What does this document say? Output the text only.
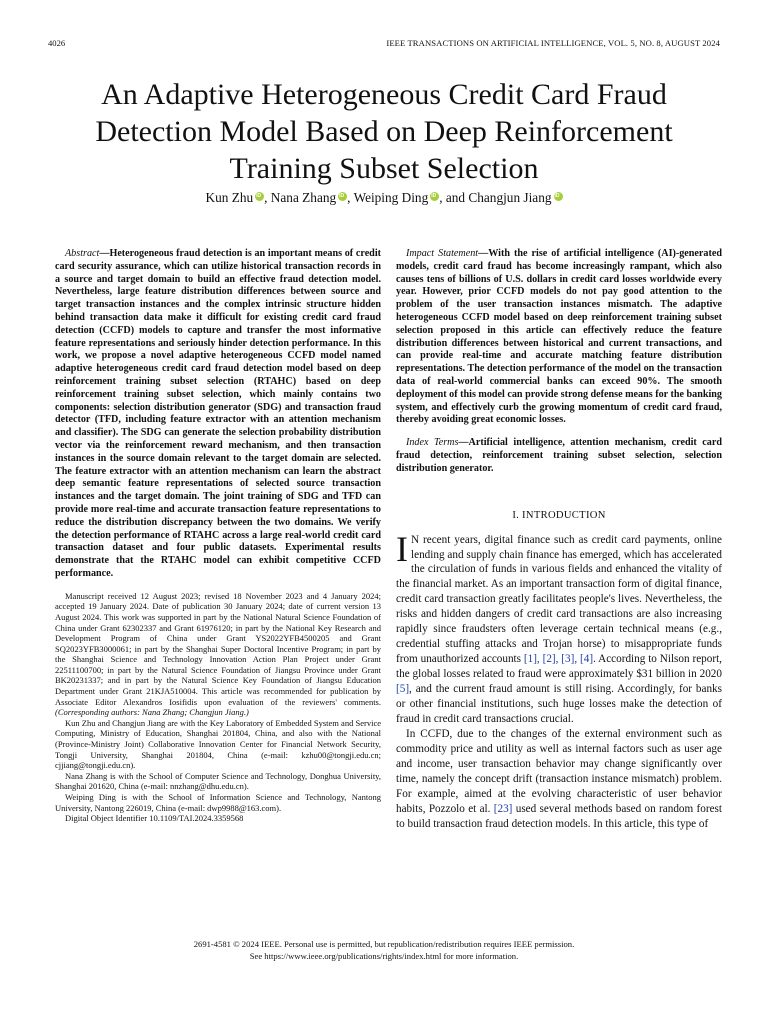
4026	IEEE TRANSACTIONS ON ARTIFICIAL INTELLIGENCE, VOL. 5, NO. 8, AUGUST 2024
An Adaptive Heterogeneous Credit Card Fraud
Detection Model Based on Deep Reinforcement
Training Subset Selection
Kun Zhu iD , Nana Zhang iD , Weiping Ding iD , and Changjun JiangiD

Abstract—Heterogeneous fraud detection is an important means of credit card security assurance, which can utilize historical transaction records in a source and target domain to build an effective fraud detection model. Nevertheless, large feature distribution differences between source and target transaction instances and the complex intrinsic structure hidden behind transaction data make it difficult for existing credit card fraud detection (CCFD) models to capture and transfer the most informative feature representations and seriously hinder detection performance. In this work, we propose a novel adaptive heterogeneous CCFD model named adaptive heterogeneous credit card fraud detection model based on deep reinforcement training subset selection (RTAHC) based on deep reinforcement training subset selection, which mainly contains two components: selection distribution generator (SDG) and transaction fraud detector (TFD, including feature extractor with an attention mechanism and classifier). The SDG can generate the selection probability distribution vector via the reinforcement reward mechanism, and then transaction instances in the source domain relevant to the target domain are selected. The feature extractor with an attention mechanism can learn the abstract deep semantic feature representations of selected source transaction instances and the target domain. The joint training of SDG and TFD can provide more real-time and accurate transaction feature representations to reduce the distribution discrepancy between the two domains. We verify the detection performance of RTAHC across a large real-world credit card transaction dataset and four public datasets. Experimental results demonstrate that the RTAHC model can exhibit competitive CCFD performance.

Manuscript received 12 August 2023; revised 18 November 2023 and 4 January 2024; accepted 19 January 2024. Date of publication 30 January 2024; date of current version 13 August 2024. This work was supported in part by the National Natural Science Foundation of China under Grant 62302337 and Grant 61976120; in part by the National Key Research and Development Program of China under Grant YS2022YFB4500205 and Grant SQ2023YFB3000061; in part by the Shanghai Super Doctoral Incentive Program; in part by the Shanghai Science and Technology Innovation Action Plan Project under Grant 22511100700; in part by the Natural Science Foundation of Jiangsu Province under Grant BK20231337; and in part by the Natural Science Key Foundation of Jiangsu Education Department under Grant 21KJA510004. This article was recommended for publication by Associate Editor Alexandros Iosifidis upon evaluation of the reviewers' comments. (Corresponding authors: Nana Zhang; Changjun Jiang.)

Kun Zhu and Changjun Jiang are with the Key Laboratory of Embedded System and Service Computing, Ministry of Education, Shanghai 201804, China, and also with the National (Province-Ministry Joint) Collaborative Innovation Center for Financial Network Security, Tongji University, Shanghai 201804, China (e-mail: kzhu00@tongji.edu.cn; cjjiang@tongji.edu.cn).

Nana Zhang is with the School of Computer Science and Technology, Donghua University, Shanghai 201620, China (e-mail: nnzhang@dhu.edu.cn).

Weiping Ding is with the School of Information Science and Technology, Nantong University, Nantong 226019, China (e-mail: dwp9988@163.com).

Digital Object Identifier 10.1109/TAI.2024.3359568

Impact Statement—With the rise of artificial intelligence (AI)-generated models, credit card fraud has become increasingly rampant, which also causes tens of billions of U.S. dollars in credit card losses worldwide every year. However, prior CCFD models do not pay good attention to the problem of the user transaction instances mismatch. The adaptive heterogeneous CCFD model based on deep reinforcement training subset selection proposed in this article can effectively reduce the feature distribution differences between historical and current transactions, and can provide real-time and accurate matching feature distribution representations. The detection performance of the model on the transaction data of real-world commercial banks can exceed 90%. The smooth deployment of this model can provide strong defense means for the banking system, and effectively curb the growing momentum of credit card fraud, thereby avoiding great economic losses.

Index Terms—Artificial intelligence, attention mechanism, credit card fraud detection, reinforcement training subset selection, selection distribution generator.

I. INTRODUCTION

I N recent years, digital finance such as credit card payments, online lending and supply chain finance has emerged, which has accelerated the circulation of funds in various fields and enhanced the vitality of the financial market. As an important transaction form of digital finance, credit card transaction greatly facilitates people's lives. Nevertheless, the risks and hidden dangers of credit card transactions are also increasing rapidly since fraudsters often leverage certain technical means (e.g., credential stuffing attacks and Trojan horse) to misappropriate funds from unauthorized accounts [1], [2], [3], [4]. According to Nilson report, the global losses related to fraud were approximately $31 billion in 2020 [5], and the current fraud amount is still rising. Accordingly, for banks or other financial institutions, such huge losses make the detection of fraud in credit card transactions crucial.

In CCFD, due to the changes of the external environment such as commodity price and utility as well as internal factors such as user age and income, user transaction behavior may change significantly over time, namely the concept drift (transaction instance mismatch) problem. For example, aimed at the evolving characteristic of user behavior habits, Pozzolo et al. [23] used several methods based on random forest to build transaction fraud detection models. In this article, this type of

2691-4581 © 2024 IEEE. Personal use is permitted, but republication/redistribution requires IEEE permission.
See https://www.ieee.org/publications/rights/index.html for more information.
